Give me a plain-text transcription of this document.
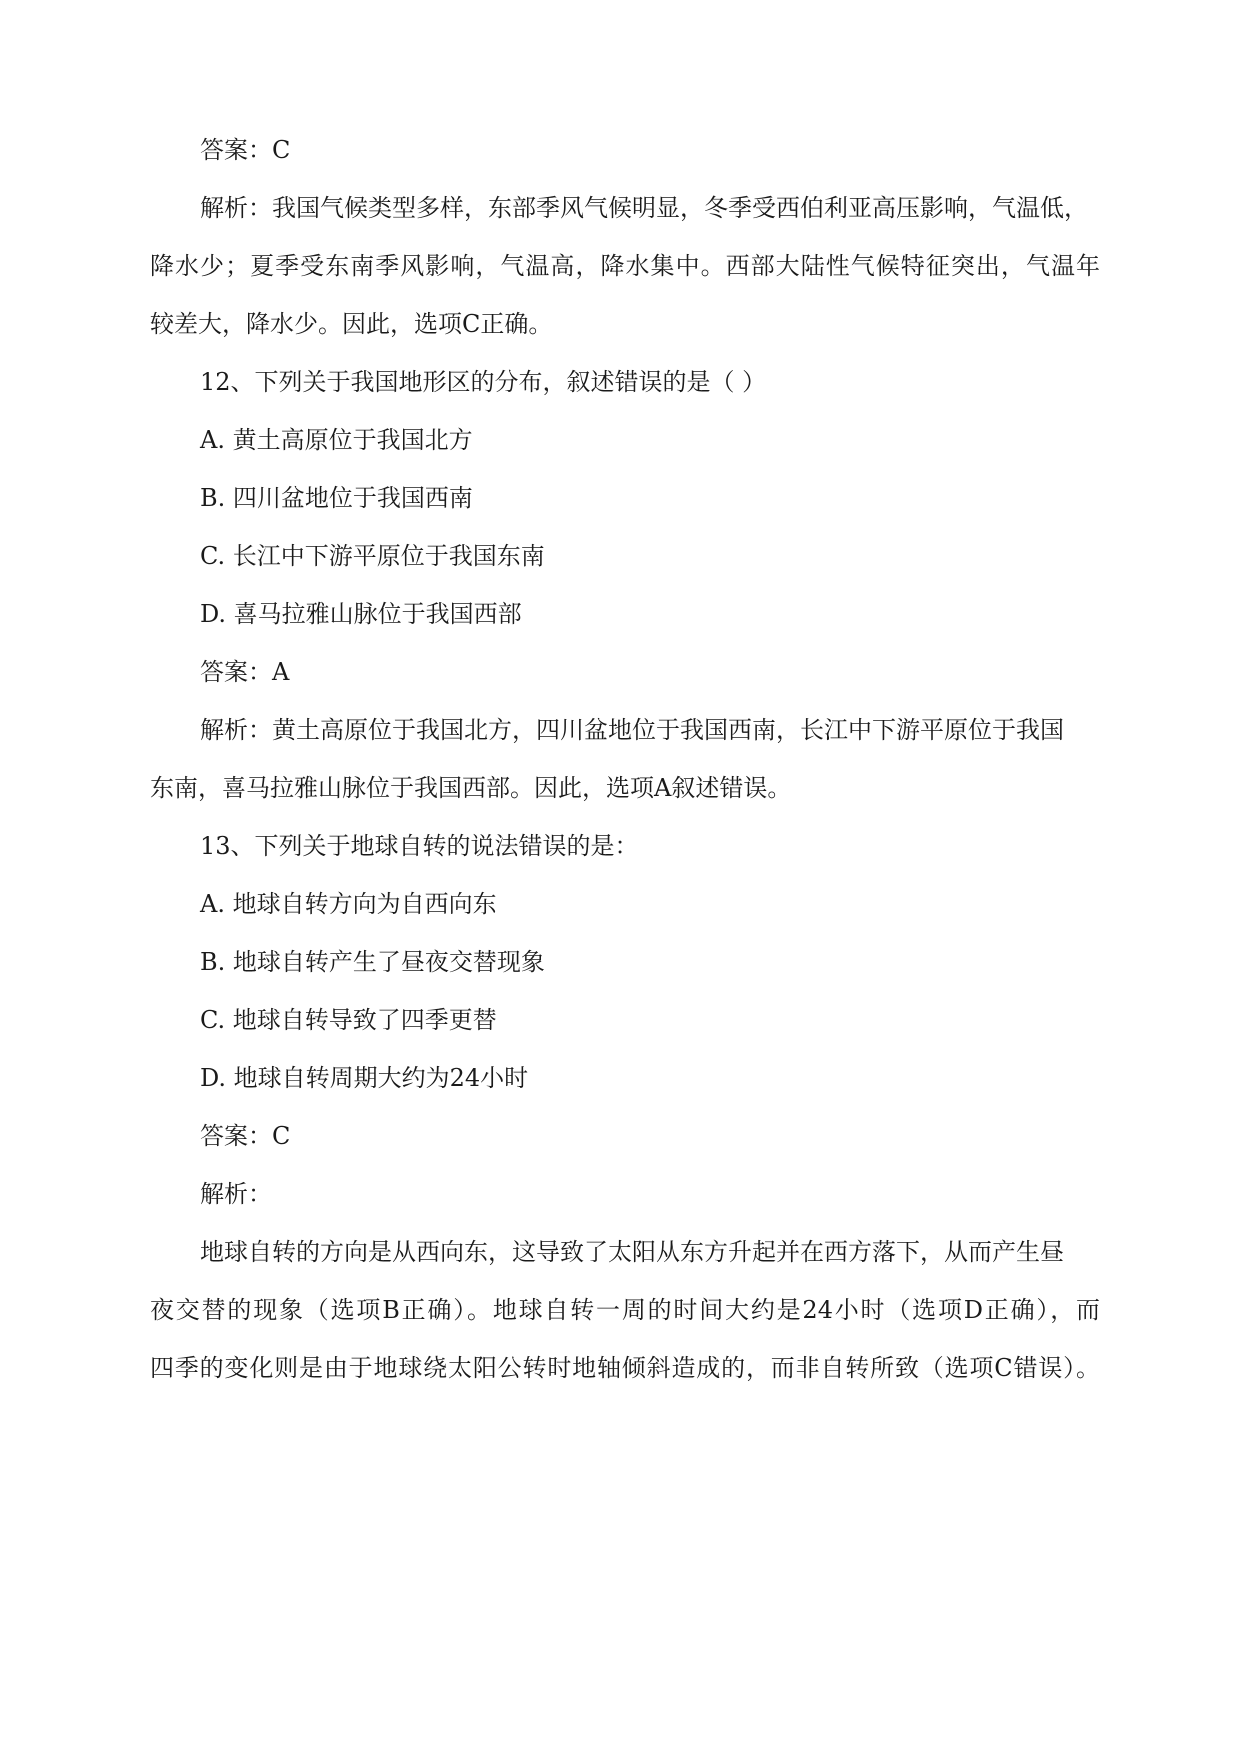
答案：C
解析：我国气候类型多样，东部季风气候明显，冬季受西伯利亚高压影响，气温低，
降水少；夏季受东南季风影响，气温高，降水集中。西部大陆性气候特征突出，气温年
较差大，降水少。因此，选项C正确。
12、下列关于我国地形区的分布，叙述错误的是（ ）
A. 黄土高原位于我国北方
B. 四川盆地位于我国西南
C. 长江中下游平原位于我国东南
D. 喜马拉雅山脉位于我国西部
答案：A
解析：黄土高原位于我国北方，四川盆地位于我国西南，长江中下游平原位于我国
东南，喜马拉雅山脉位于我国西部。因此，选项A叙述错误。
13、下列关于地球自转的说法错误的是：
A. 地球自转方向为自西向东
B. 地球自转产生了昼夜交替现象
C. 地球自转导致了四季更替
D. 地球自转周期大约为24小时
答案：C
解析：
地球自转的方向是从西向东，这导致了太阳从东方升起并在西方落下，从而产生昼
夜交替的现象（选项B正确）。地球自转一周的时间大约是24小时（选项D正确），而
四季的变化则是由于地球绕太阳公转时地轴倾斜造成的，而非自转所致（选项C错误）。
